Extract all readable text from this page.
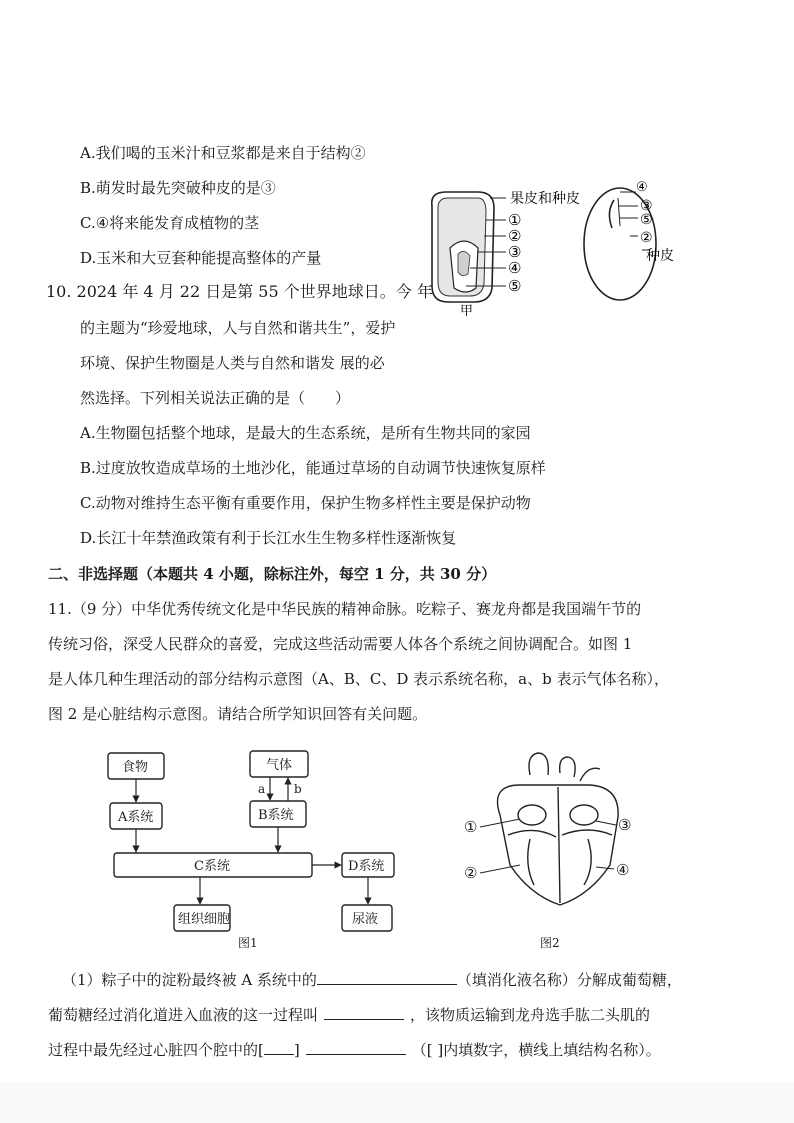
A.我们喝的玉米汁和豆浆都是来自于结构②
B.萌发时最先突破种皮的是③
C.④将来能发育成植物的茎
D.玉米和大豆套种能提高整体的产量
果皮和种皮
①
②
③
④
⑤
甲
④
③
⑤
②
种皮
10. 2024 年 4 月 22 日是第 55 个世界地球日。今 年
的主题为“珍爱地球，人与自然和谐共生”，爱护
环境、保护生物圈是人类与自然和谐发 展的必
然选择。下列相关说法正确的是（　　）
A.生物圈包括整个地球，是最大的生态系统，是所有生物共同的家园
B.过度放牧造成草场的土地沙化，能通过草场的自动调节快速恢复原样
C.动物对维持生态平衡有重要作用，保护生物多样性主要是保护动物
D.长江十年禁渔政策有利于长江水生生物多样性逐渐恢复
二、非选择题（本题共 4 小题，除标注外，每空 1 分，共 30 分）
11.（9 分）中华优秀传统文化是中华民族的精神命脉。吃粽子、赛龙舟都是我国端午节的
传统习俗，深受人民群众的喜爱，完成这些活动需要人体各个系统之间协调配合。如图 1
是人体几种生理活动的部分结构示意图（A、B、C、D 表示系统名称，a、b 表示气体名称），
图 2 是心脏结构示意图。请结合所学知识回答有关问题。
食物	气体
A系统	B系统
C系统	D系统
组织细胞	尿液
a b
图1
①
②
③
④
图2
（1）粽子中的淀粉最终被 A 系统中的	（填消化液名称）分解成葡萄糖，
葡萄糖经过消化道进入血液的这一过程叫	，该物质运输到龙舟选手肱二头肌的
过程中最先经过心脏四个腔中的[ ]	（[ ]内填数字，横线上填结构名称）。
